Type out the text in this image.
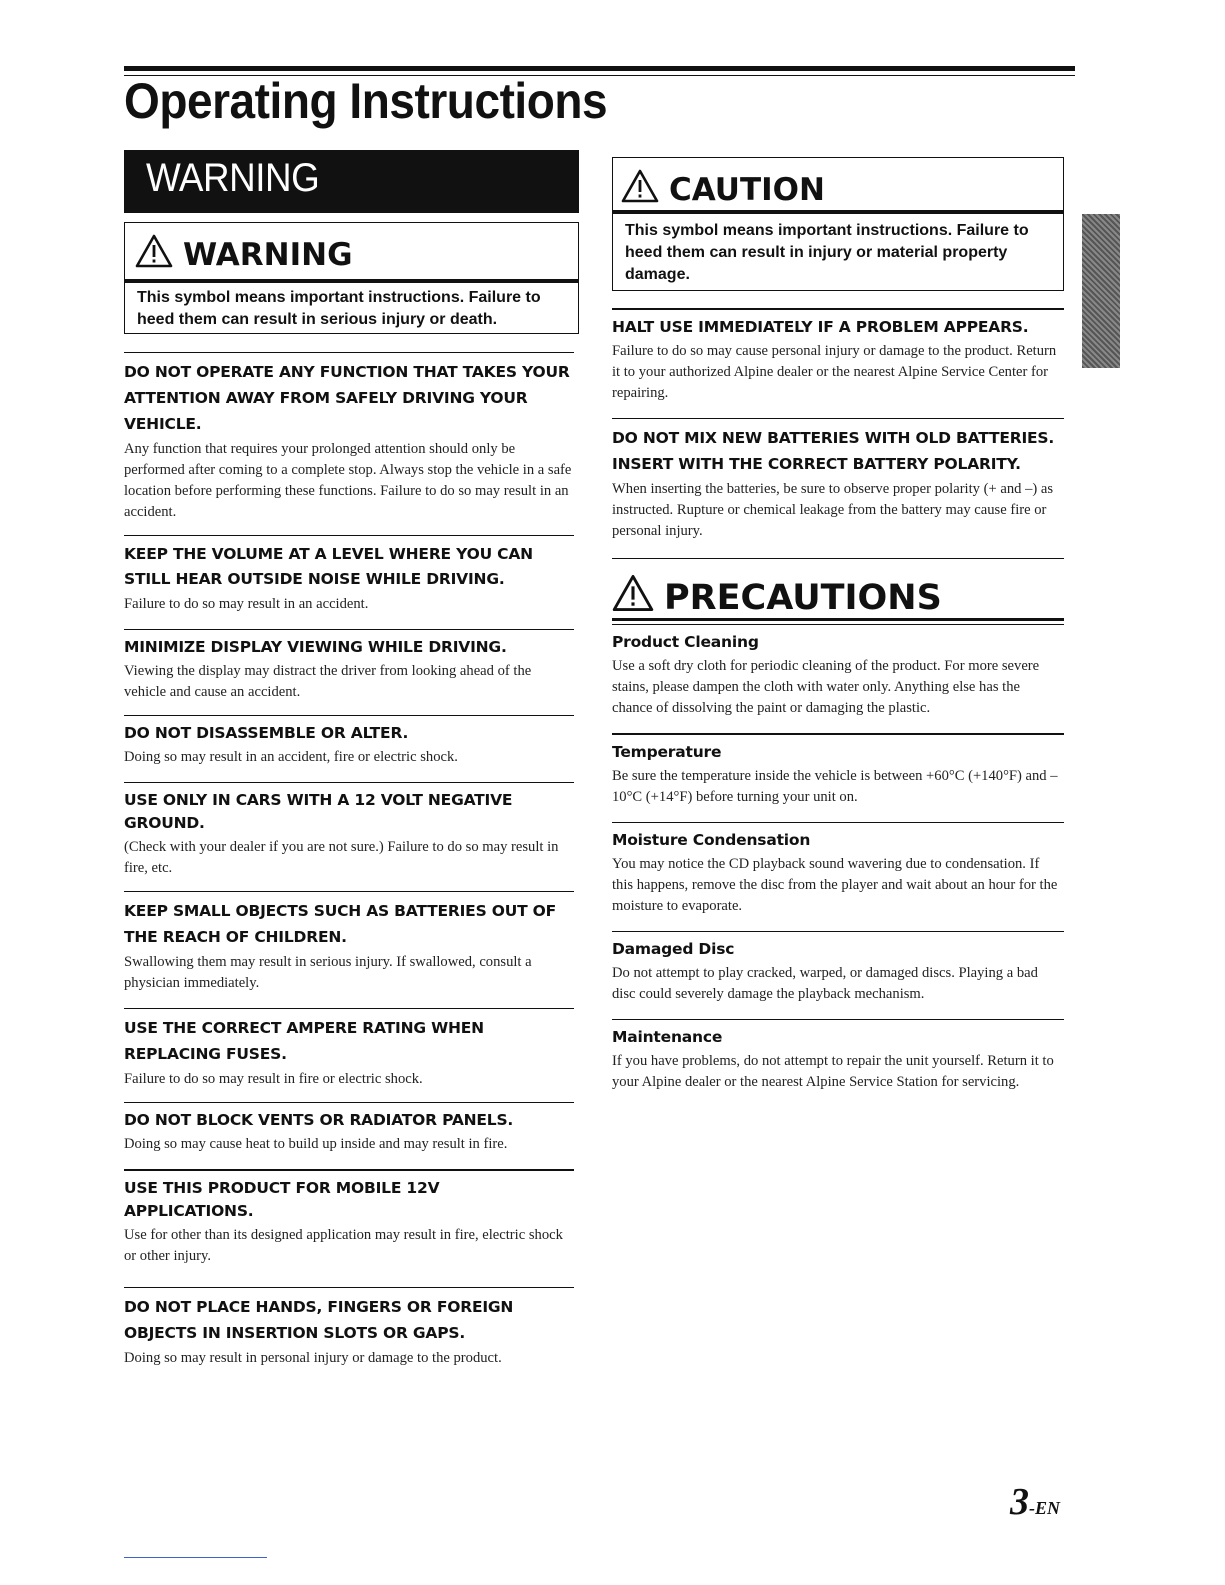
Operating Instructions
WARNING
WARNING
This symbol means important instructions. Failure to heed them can result in serious injury or death.
DO NOT OPERATE ANY FUNCTION THAT TAKES YOUR ATTENTION AWAY FROM SAFELY DRIVING YOUR VEHICLE.

Any function that requires your prolonged attention should only be performed after coming to a complete stop. Always stop the vehicle in a safe location before performing these functions. Failure to do so may result in an accident.

KEEP THE VOLUME AT A LEVEL WHERE YOU CAN STILL HEAR OUTSIDE NOISE WHILE DRIVING.

Failure to do so may result in an accident.

MINIMIZE DISPLAY VIEWING WHILE DRIVING.

Viewing the display may distract the driver from looking ahead of the vehicle and cause an accident.

DO NOT DISASSEMBLE OR ALTER.

Doing so may result in an accident, fire or electric shock.

USE ONLY IN CARS WITH A 12 VOLT NEGATIVE GROUND.

(Check with your dealer if you are not sure.) Failure to do so may result in fire, etc.

KEEP SMALL OBJECTS SUCH AS BATTERIES OUT OF THE REACH OF CHILDREN.

Swallowing them may result in serious injury. If swallowed, consult a physician immediately.

USE THE CORRECT AMPERE RATING WHEN REPLACING FUSES.

Failure to do so may result in fire or electric shock.

DO NOT BLOCK VENTS OR RADIATOR PANELS.

Doing so may cause heat to build up inside and may result in fire.

USE THIS PRODUCT FOR MOBILE 12V APPLICATIONS.

Use for other than its designed application may result in fire, electric shock or other injury.

DO NOT PLACE HANDS, FINGERS OR FOREIGN OBJECTS IN INSERTION SLOTS OR GAPS.

Doing so may result in personal injury or damage to the product.

CAUTION
This symbol means important instructions. Failure to heed them can result in injury or material property damage.
HALT USE IMMEDIATELY IF A PROBLEM APPEARS.

Failure to do so may cause personal injury or damage to the product. Return it to your authorized Alpine dealer or the nearest Alpine Service Center for repairing.

DO NOT MIX NEW BATTERIES WITH OLD BATTERIES. INSERT WITH THE CORRECT BATTERY POLARITY.

When inserting the batteries, be sure to observe proper polarity (+ and –) as instructed. Rupture or chemical leakage from the battery may cause fire or personal injury.

PRECAUTIONS
Product Cleaning

Use a soft dry cloth for periodic cleaning of the product. For more severe stains, please dampen the cloth with water only. Anything else has the chance of dissolving the paint or damaging the plastic.

Temperature

Be sure the temperature inside the vehicle is between +60°C (+140°F) and –10°C (+14°F) before turning your unit on.

Moisture Condensation

You may notice the CD playback sound wavering due to condensation. If this happens, remove the disc from the player and wait about an hour for the moisture to evaporate.

Damaged Disc

Do not attempt to play cracked, warped, or damaged discs. Playing a bad disc could severely damage the playback mechanism.

Maintenance

If you have problems, do not attempt to repair the unit yourself. Return it to your Alpine dealer or the nearest Alpine Service Station for servicing.

3-EN
